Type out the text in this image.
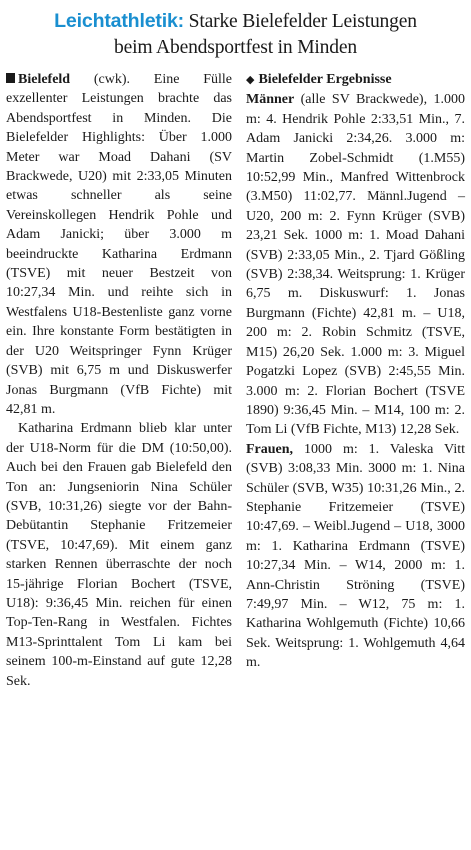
Leichtathletik: Starke Bielefelder Leistungen
beim Abendsportfest in Minden

Bielefeld (cwk). Eine Fülle exzellenter Leistungen brachte das Abendsportfest in Minden. Die Bielefelder Highlights: Über 1.000 Meter war Moad Dahani (SV Brackwede, U20) mit 2:33,05 Minuten etwas schneller als seine Vereinskollegen Hendrik Pohle und Adam Janicki; über 3.000 m beeindruckte Katharina Erdmann (TSVE) mit neuer Bestzeit von 10:27,34 Min. und reihte sich in Westfalens U18-Bestenliste ganz vorne ein. Ihre konstante Form bestätigten in der U20 Weitspringer Fynn Krüger (SVB) mit 6,75 m und Diskuswerfer Jonas Burgmann (VfB Fichte) mit 42,81 m.

Katharina Erdmann blieb klar unter der U18-Norm für die DM (10:50,00). Auch bei den Frauen gab Bielefeld den Ton an: Jungseniorin Nina Schüler (SVB, 10:31,26) siegte vor der Bahn-Debütantin Stephanie Fritzemeier (TSVE, 10:47,69). Mit einem ganz starken Rennen überraschte der noch 15-jährige Florian Bochert (TSVE, U18): 9:36,45 Min. reichen für einen Top-Ten-Rang in Westfalen. Fichtes M13-Sprinttalent Tom Li kam bei seinem 100-m-Einstand auf gute 12,28 Sek.

◆ Bielefelder Ergebnisse

Männer (alle SV Brackwede), 1.000 m: 4. Hendrik Pohle 2:33,51 Min., 7. Adam Janicki 2:34,26. 3.000 m: Martin Zobel-Schmidt (1.M55) 10:52,99 Min., Manfred Wittenbrock (3.M50) 11:02,77. Männl.Jugend – U20, 200 m: 2. Fynn Krüger (SVB) 23,21 Sek. 1000 m: 1. Moad Dahani (SVB) 2:33,05 Min., 2. Tjard Gößling (SVB) 2:38,34. Weitsprung: 1. Krüger 6,75 m. Diskuswurf: 1. Jonas Burgmann (Fichte) 42,81 m. – U18, 200 m: 2. Robin Schmitz (TSVE, M15) 26,20 Sek. 1.000 m: 3. Miguel Pogatzki Lopez (SVB) 2:45,55 Min. 3.000 m: 2. Florian Bochert (TSVE 1890) 9:36,45 Min. – M14, 100 m: 2. Tom Li (VfB Fichte, M13) 12,28 Sek.

Frauen, 1000 m: 1. Valeska Vitt (SVB) 3:08,33 Min. 3000 m: 1. Nina Schüler (SVB, W35) 10:31,26 Min., 2. Stephanie Fritzemeier (TSVE) 10:47,69. – Weibl.Jugend – U18, 3000 m: 1. Katharina Erdmann (TSVE) 10:27,34 Min. – W14, 2000 m: 1. Ann-Christin Ströning (TSVE) 7:49,97 Min. – W12, 75 m: 1. Katharina Wohlgemuth (Fichte) 10,66 Sek. Weitsprung: 1. Wohlgemuth 4,64 m.
